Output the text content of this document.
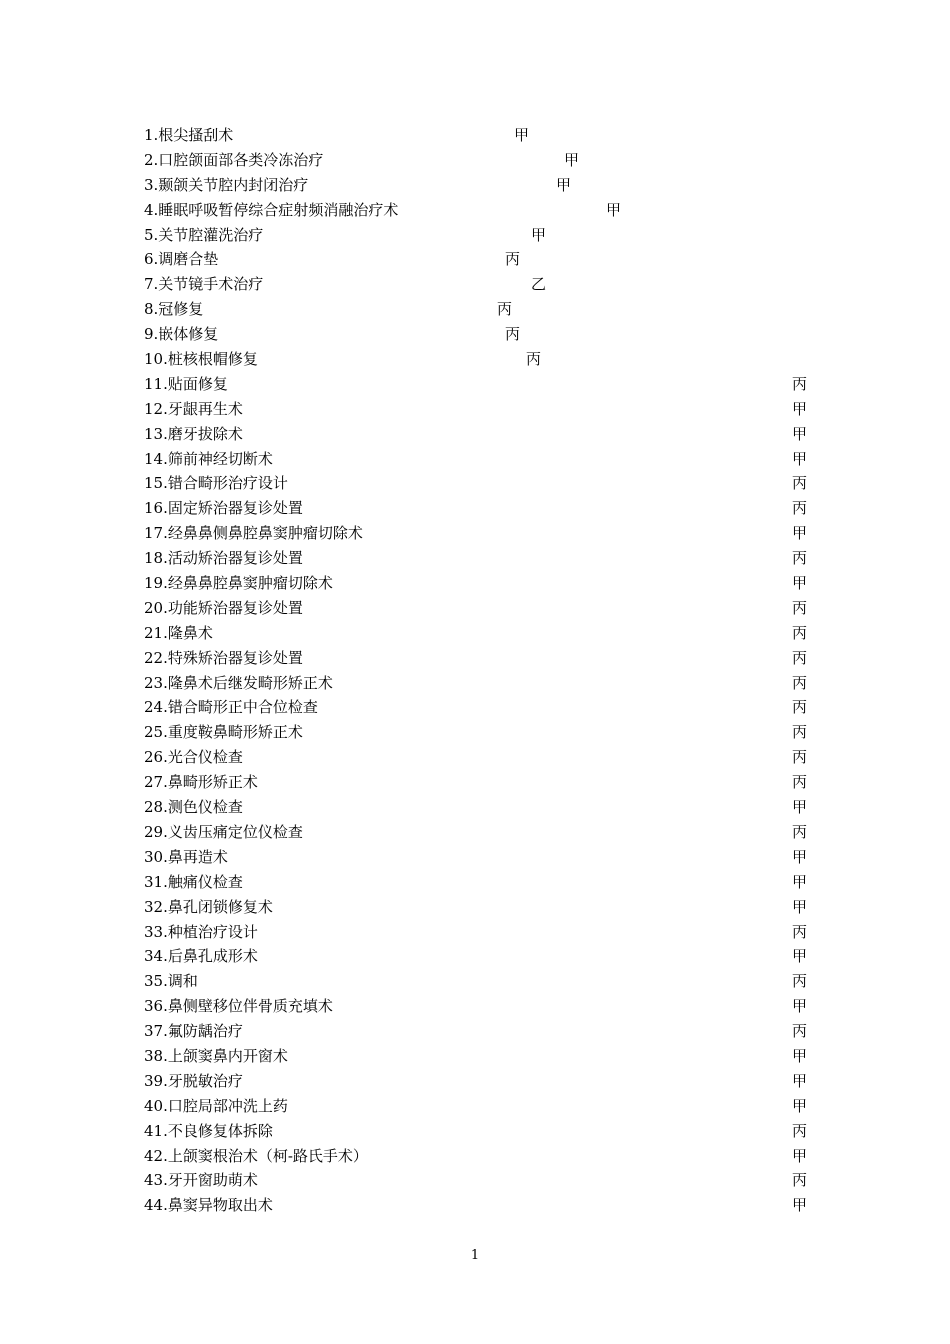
1.根尖搔刮术	甲
2.口腔颌面部各类冷冻治疗	甲
3.颞颌关节腔内封闭治疗	甲
4.睡眠呼吸暂停综合症射频消融治疗术	甲
5.关节腔灌洗治疗	甲
6.调磨合垫	丙
7.关节镜手术治疗	乙
8.冠修复	丙
9.嵌体修复	丙
10.桩核根帽修复	丙
11.贴面修复	丙
12.牙龈再生术	甲
13.磨牙拔除术	甲
14.筛前神经切断术	甲
15.错合畸形治疗设计	丙
16.固定矫治器复诊处置	丙
17.经鼻鼻侧鼻腔鼻窦肿瘤切除术	甲
18.活动矫治器复诊处置	丙
19.经鼻鼻腔鼻窦肿瘤切除术	甲
20.功能矫治器复诊处置	丙
21.隆鼻术	丙
22.特殊矫治器复诊处置	丙
23.隆鼻术后继发畸形矫正术	丙
24.错合畸形正中合位检查	丙
25.重度鞍鼻畸形矫正术	丙
26.光合仪检查	丙
27.鼻畸形矫正术	丙
28.测色仪检查	甲
29.义齿压痛定位仪检查	丙
30.鼻再造术	甲
31.触痛仪检查	甲
32.鼻孔闭锁修复术	甲
33.种植治疗设计	丙
34.后鼻孔成形术	甲
35.调和	丙
36.鼻侧壁移位伴骨质充填术	甲
37.氟防龋治疗	丙
38.上颌窦鼻内开窗术	甲
39.牙脱敏治疗	甲
40.口腔局部冲洗上药	甲
41.不良修复体拆除	丙
42.上颌窦根治术（柯-路氏手术）	甲
43.牙开窗助萌术	丙
44.鼻窦异物取出术	甲
1
